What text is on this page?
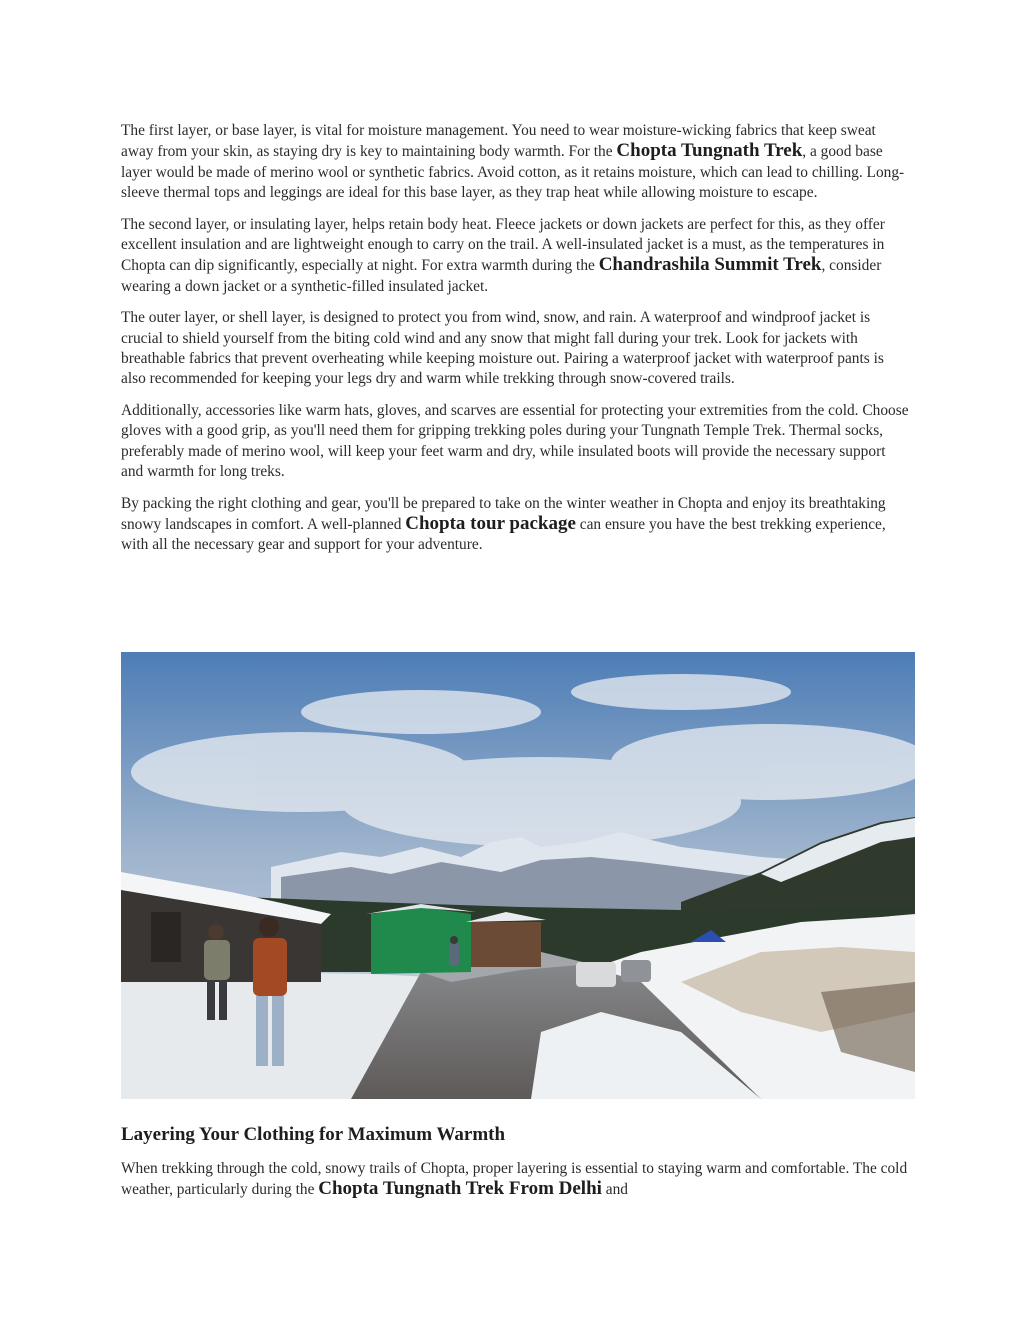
The first layer, or base layer, is vital for moisture management. You need to wear moisture-wicking fabrics that keep sweat away from your skin, as staying dry is key to maintaining body warmth. For the Chopta Tungnath Trek, a good base layer would be made of merino wool or synthetic fabrics. Avoid cotton, as it retains moisture, which can lead to chilling. Long-sleeve thermal tops and leggings are ideal for this base layer, as they trap heat while allowing moisture to escape.

The second layer, or insulating layer, helps retain body heat. Fleece jackets or down jackets are perfect for this, as they offer excellent insulation and are lightweight enough to carry on the trail. A well-insulated jacket is a must, as the temperatures in Chopta can dip significantly, especially at night. For extra warmth during the Chandrashila Summit Trek, consider wearing a down jacket or a synthetic-filled insulated jacket.

The outer layer, or shell layer, is designed to protect you from wind, snow, and rain. A waterproof and windproof jacket is crucial to shield yourself from the biting cold wind and any snow that might fall during your trek. Look for jackets with breathable fabrics that prevent overheating while keeping moisture out. Pairing a waterproof jacket with waterproof pants is also recommended for keeping your legs dry and warm while trekking through snow-covered trails.

Additionally, accessories like warm hats, gloves, and scarves are essential for protecting your extremities from the cold. Choose gloves with a good grip, as you'll need them for gripping trekking poles during your Tungnath Temple Trek. Thermal socks, preferably made of merino wool, will keep your feet warm and dry, while insulated boots will provide the necessary support and warmth for long treks.

By packing the right clothing and gear, you'll be prepared to take on the winter weather in Chopta and enjoy its breathtaking snowy landscapes in comfort. A well-planned Chopta tour package can ensure you have the best trekking experience, with all the necessary gear and support for your adventure.

Layering Your Clothing for Maximum Warmth

When trekking through the cold, snowy trails of Chopta, proper layering is essential to staying warm and comfortable. The cold weather, particularly during the Chopta Tungnath Trek From Delhi and
